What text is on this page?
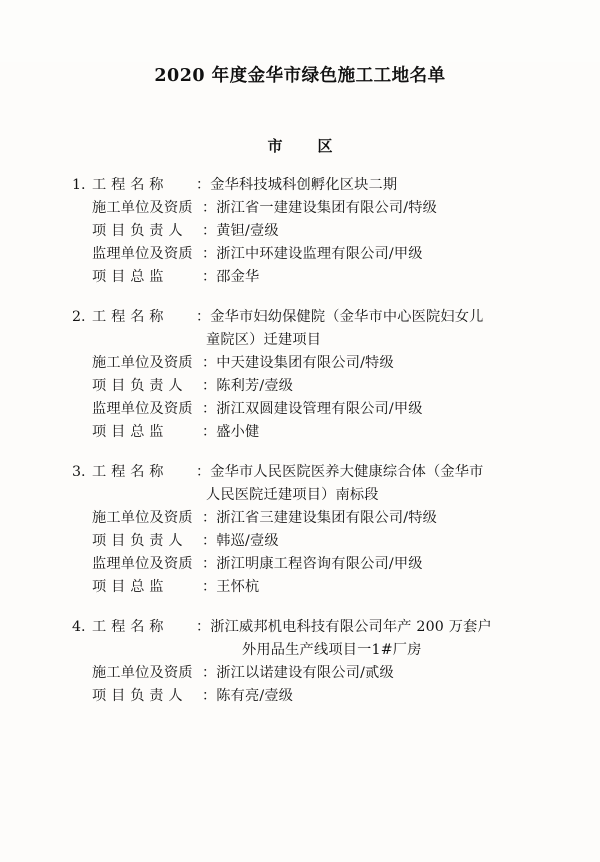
2020 年度金华市绿色施工工地名单
市　区
1. 工 程 名 称	： 金华科技城科创孵化区块二期
施工单位及资质 ： 浙江省一建建设集团有限公司/特级
项 目 负 责 人	： 黄钽/壹级
监理单位及资质 ： 浙江中环建设监理有限公司/甲级
项 目 总 监	： 邵金华
2. 工 程 名 称	： 金华市妇幼保健院（金华市中心医院妇女儿
童院区）迁建项目
施工单位及资质 ： 中天建设集团有限公司/特级
项 目 负 责 人	： 陈利芳/壹级
监理单位及资质 ： 浙江双圆建设管理有限公司/甲级
项 目 总 监	： 盛小健
3. 工 程 名 称	： 金华市人民医院医养大健康综合体（金华市
人民医院迁建项目）南标段
施工单位及资质 ： 浙江省三建建设集团有限公司/特级
项 目 负 责 人	： 韩巡/壹级
监理单位及资质 ： 浙江明康工程咨询有限公司/甲级
项 目 总 监	： 王怀杭
4. 工 程 名 称	： 浙江威邦机电科技有限公司年产 200 万套户
外用品生产线项目一1#厂房
施工单位及资质 ： 浙江以诺建设有限公司/贰级
项 目 负 责 人	： 陈有亮/壹级
